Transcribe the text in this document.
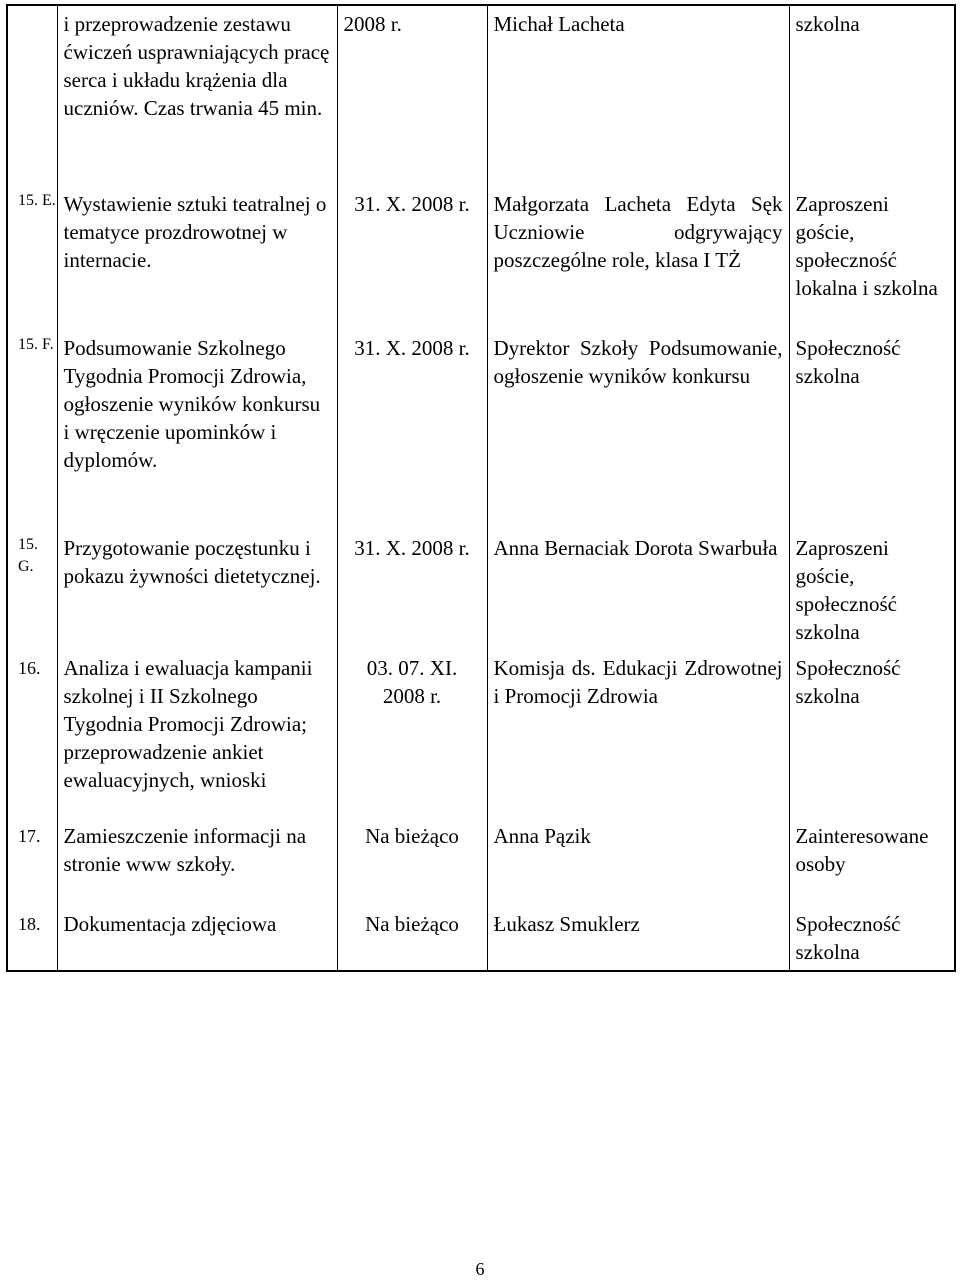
	i przeprowadzenie zestawu ćwiczeń usprawniających pracę serca i układu krążenia dla uczniów. Czas trwania 45 min.	2008 r.	Michał Lacheta	szkolna
15. E.	Wystawienie sztuki teatralnej o tematyce prozdrowotnej w internacie.	31. X. 2008 r.	Małgorzata Lacheta Edyta Sęk Uczniowie odgrywający poszczególne role, klasa I TŻ	Zaproszeni goście, społeczność lokalna i szkolna
15. F.	Podsumowanie Szkolnego Tygodnia Promocji Zdrowia, ogłoszenie wyników konkursu i wręczenie upominków i dyplomów.	31. X. 2008 r.	Dyrektor Szkoły Podsumowanie, ogłoszenie wyników konkursu	Społeczność szkolna
15. G.	Przygotowanie poczęstunku i pokazu żywności dietetycznej.	31. X. 2008 r.	Anna Bernaciak Dorota Swarbuła	Zaproszeni goście, społeczność szkolna
16.	Analiza i ewaluacja kampanii szkolnej i II Szkolnego Tygodnia Promocji Zdrowia; przeprowadzenie ankiet ewaluacyjnych, wnioski	03. 07. XI. 2008 r.	Komisja ds. Edukacji Zdrowotnej i Promocji Zdrowia	Społeczność szkolna
17.	Zamieszczenie informacji na stronie www szkoły.	Na bieżąco	Anna Pązik	Zainteresowane osoby
18.	Dokumentacja zdjęciowa	Na bieżąco	Łukasz Smuklerz	Społeczność szkolna
6
